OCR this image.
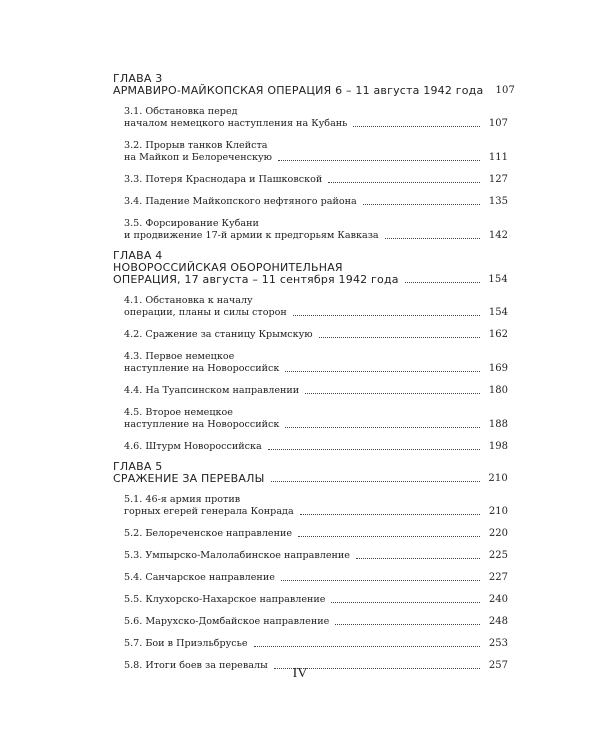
ГЛАВА 3
АРМАВИРО-МАЙКОПСКАЯ ОПЕРАЦИЯ 6 – 11 августа 1942 года 107
3.1. Обстановка перед
началом немецкого наступления на Кубань	107
3.2. Прорыв танков Клейста
на Майкоп и Белореченскую	111
3.3. Потеря Краснодара и Пашковской	127
3.4. Падение Майкопского нефтяного района	135
3.5. Форсирование Кубани
и продвижение 17-й армии к предгорьям Кавказа	142
ГЛАВА 4
НОВОРОССИЙСКАЯ ОБОРОНИТЕЛЬНАЯ
ОПЕРАЦИЯ, 17 августа – 11 сентября 1942 года	154
4.1. Обстановка к началу
операции, планы и силы сторон	154
4.2. Сражение за станицу Крымскую	162
4.3. Первое немецкое
наступление на Новороссийск	169
4.4. На Туапсинском направлении	180
4.5. Второе немецкое
наступление на Новороссийск	188
4.6. Штурм Новороссийска	198
ГЛАВА 5
СРАЖЕНИЕ ЗА ПЕРЕВАЛЫ	210
5.1. 46-я армия против
горных егерей генерала Конрада	210
5.2. Белореченское направление	220
5.3. Умпырско-Малолабинское направление	225
5.4. Санчарское направление	227
5.5. Клухорско-Нахарское направление	240
5.6. Марухско-Домбайское направление	248
5.7. Бои в Приэльбрусье	253
5.8. Итоги боев за перевалы	257
IV
